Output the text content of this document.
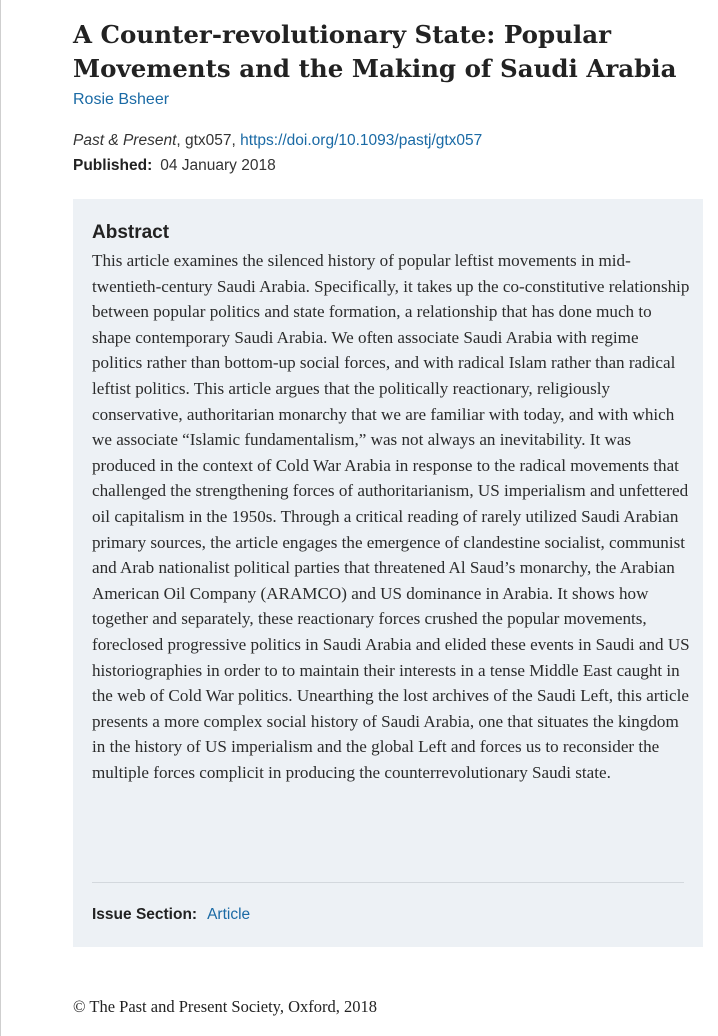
A Counter-revolutionary State: Popular Movements and the Making of Saudi Arabia
Rosie Bsheer
Past & Present, gtx057, https://doi.org/10.1093/pastj/gtx057
Published: 04 January 2018
Abstract

This article examines the silenced history of popular leftist movements in mid-twentieth-century Saudi Arabia. Specifically, it takes up the co-constitutive relationship between popular politics and state formation, a relationship that has done much to shape contemporary Saudi Arabia. We often associate Saudi Arabia with regime politics rather than bottom-up social forces, and with radical Islam rather than radical leftist politics. This article argues that the politically reactionary, religiously conservative, authoritarian monarchy that we are familiar with today, and with which we associate “Islamic fundamentalism,” was not always an inevitability. It was produced in the context of Cold War Arabia in response to the radical movements that challenged the strengthening forces of authoritarianism, US imperialism and unfettered oil capitalism in the 1950s. Through a critical reading of rarely utilized Saudi Arabian primary sources, the article engages the emergence of clandestine socialist, communist and Arab nationalist political parties that threatened Al Saud’s monarchy, the Arabian American Oil Company (ARAMCO) and US dominance in Arabia. It shows how together and separately, these reactionary forces crushed the popular movements, foreclosed progressive politics in Saudi Arabia and elided these events in Saudi and US historiographies in order to to maintain their interests in a tense Middle East caught in the web of Cold War politics. Unearthing the lost archives of the Saudi Left, this article presents a more complex social history of Saudi Arabia, one that situates the kingdom in the history of US imperialism and the global Left and forces us to reconsider the multiple forces complicit in producing the counterrevolutionary Saudi state.

Issue Section: Article
© The Past and Present Society, Oxford, 2018
